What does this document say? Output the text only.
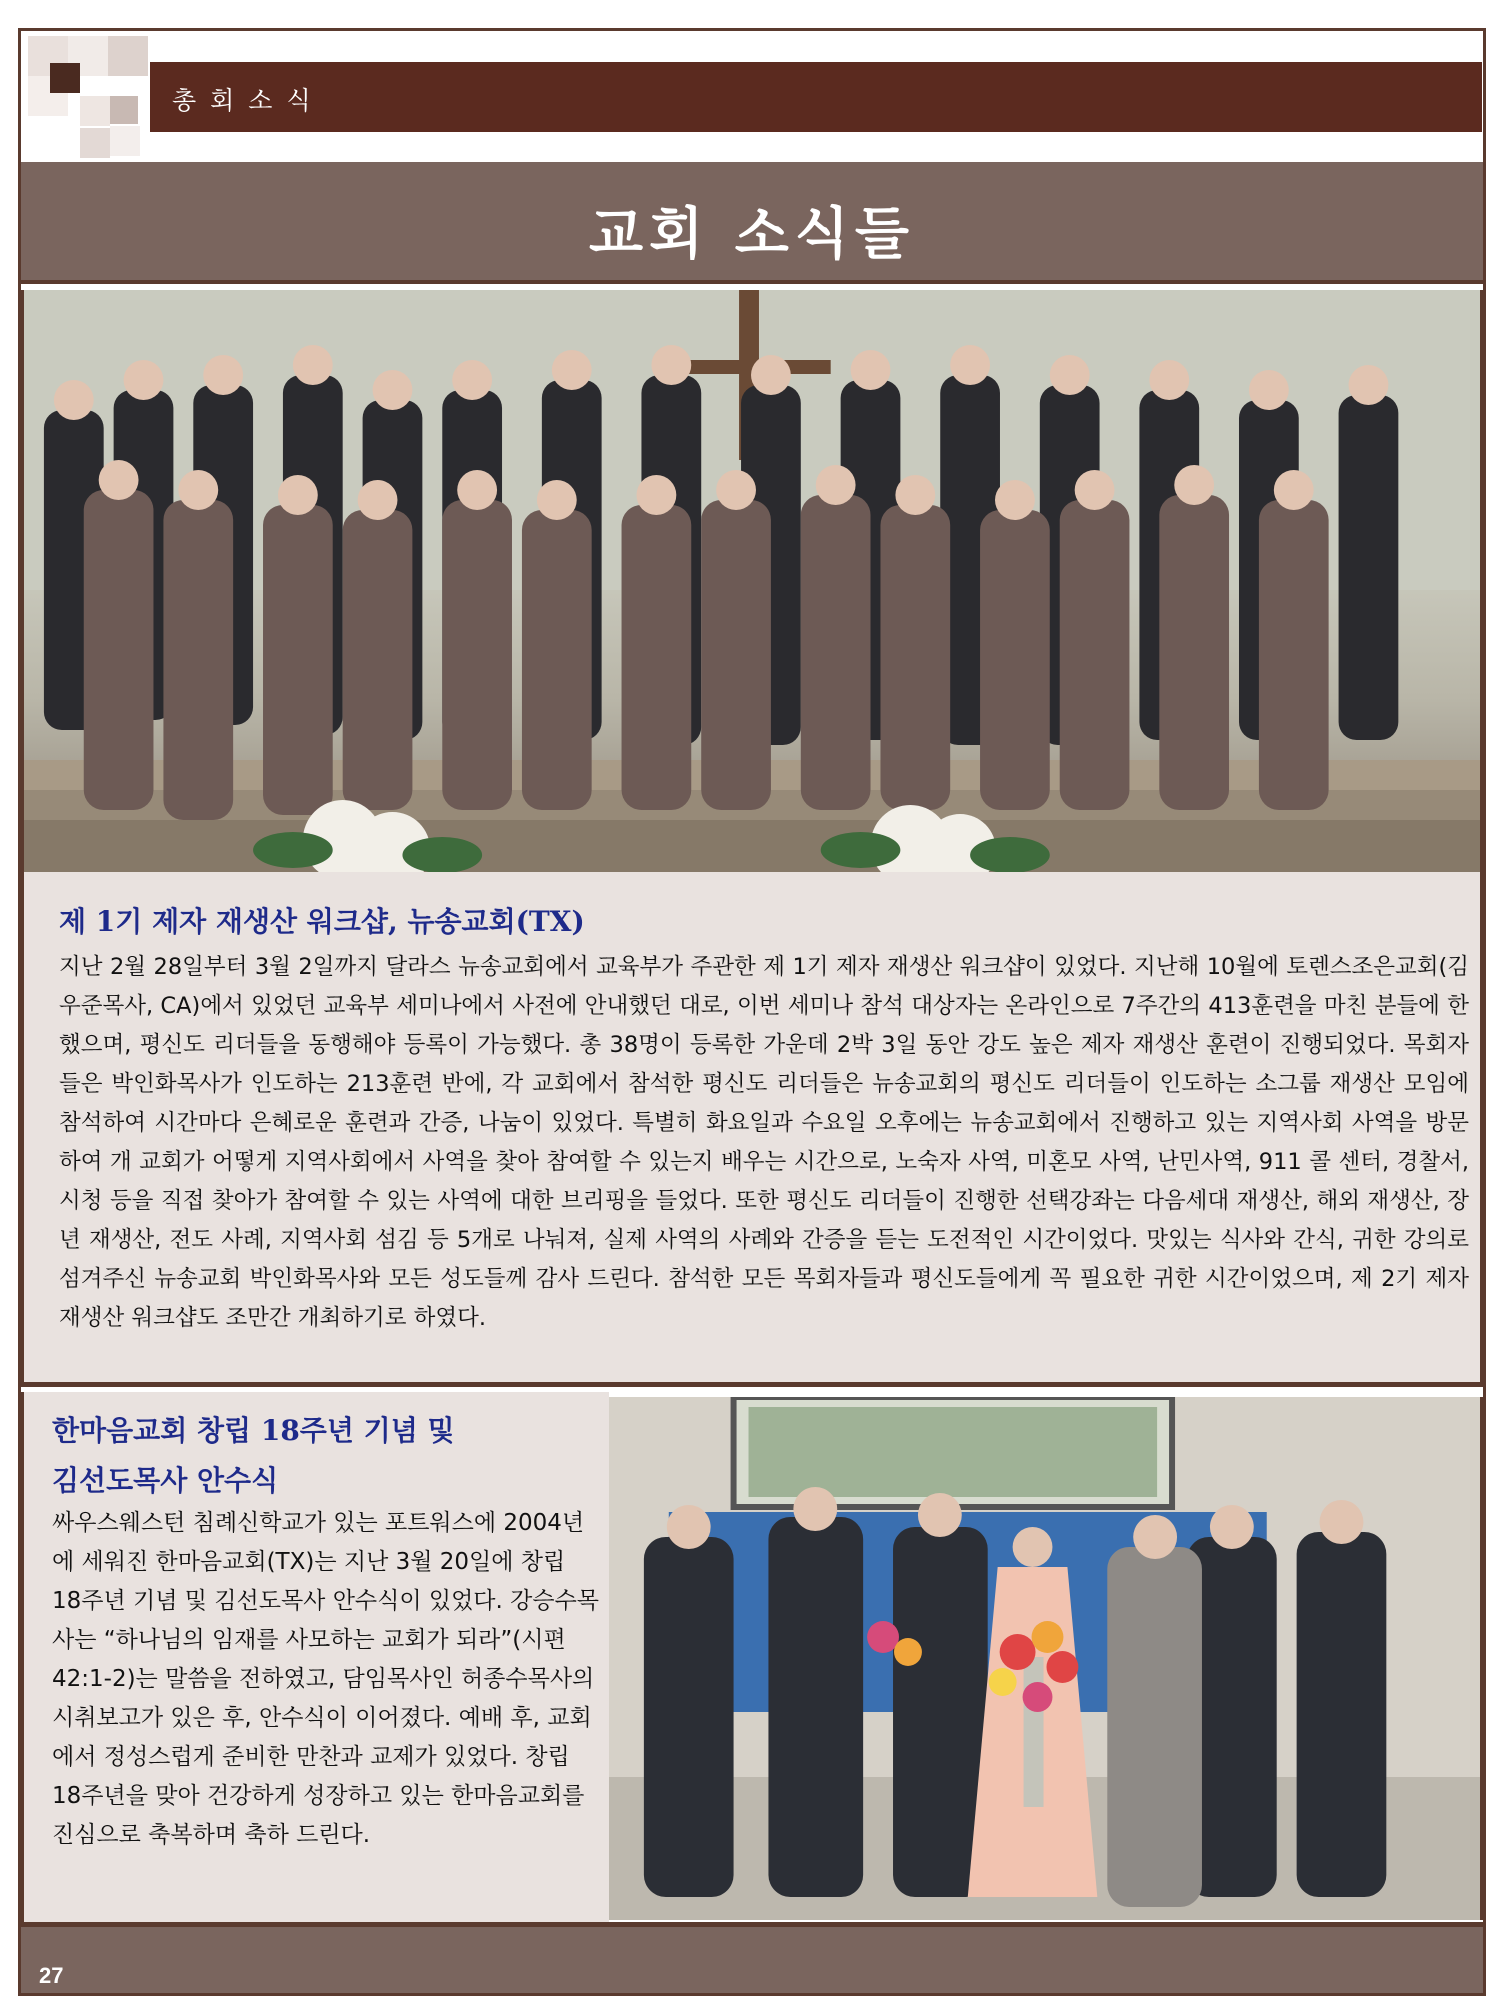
총회소식
교회 소식들
제 1기 제자 재생산 워크샵, 뉴송교회(TX)
지난 2월 28일부터 3월 2일까지 달라스 뉴송교회에서 교육부가 주관한 제 1기 제자 재생산 워크샵이 있었다. 지난해 10월에 토렌스조은교회(김우준목사, CA)에서 있었던 교육부 세미나에서 사전에 안내했던 대로, 이번 세미나 참석 대상자는 온라인으로 7주간의 413훈련을 마친 분들에 한했으며, 평신도 리더들을 동행해야 등록이 가능했다. 총 38명이 등록한 가운데 2박 3일 동안 강도 높은 제자 재생산 훈련이 진행되었다. 목회자들은 박인화목사가 인도하는 213훈련 반에, 각 교회에서 참석한 평신도 리더들은 뉴송교회의 평신도 리더들이 인도하는 소그룹 재생산 모임에 참석하여 시간마다 은혜로운 훈련과 간증, 나눔이 있었다. 특별히 화요일과 수요일 오후에는 뉴송교회에서 진행하고 있는 지역사회 사역을 방문하여 개 교회가 어떻게 지역사회에서 사역을 찾아 참여할 수 있는지 배우는 시간으로, 노숙자 사역, 미혼모 사역, 난민사역, 911 콜 센터, 경찰서, 시청 등을 직접 찾아가 참여할 수 있는 사역에 대한 브리핑을 들었다. 또한 평신도 리더들이 진행한 선택강좌는 다음세대 재생산, 해외 재생산, 장년 재생산, 전도 사례, 지역사회 섬김 등 5개로 나눠져, 실제 사역의 사례와 간증을 듣는 도전적인 시간이었다. 맛있는 식사와 간식, 귀한 강의로 섬겨주신 뉴송교회 박인화목사와 모든 성도들께 감사 드린다. 참석한 모든 목회자들과 평신도들에게 꼭 필요한 귀한 시간이었으며, 제 2기 제자 재생산 워크샵도 조만간 개최하기로 하였다.
한마음교회 창립 18주년 기념 및
김선도목사 안수식
싸우스웨스턴 침례신학교가 있는 포트워스에 2004년에 세워진 한마음교회(TX)는 지난 3월 20일에 창립 18주년 기념 및 김선도목사 안수식이 있었다. 강승수목사는 “하나님의 임재를 사모하는 교회가 되라”(시편42:1-2)는 말씀을 전하였고, 담임목사인 허종수목사의 시취보고가 있은 후, 안수식이 이어졌다. 예배 후, 교회에서 정성스럽게 준비한 만찬과 교제가 있었다. 창립 18주년을 맞아 건강하게 성장하고 있는 한마음교회를 진심으로 축복하며 축하 드린다.
27
